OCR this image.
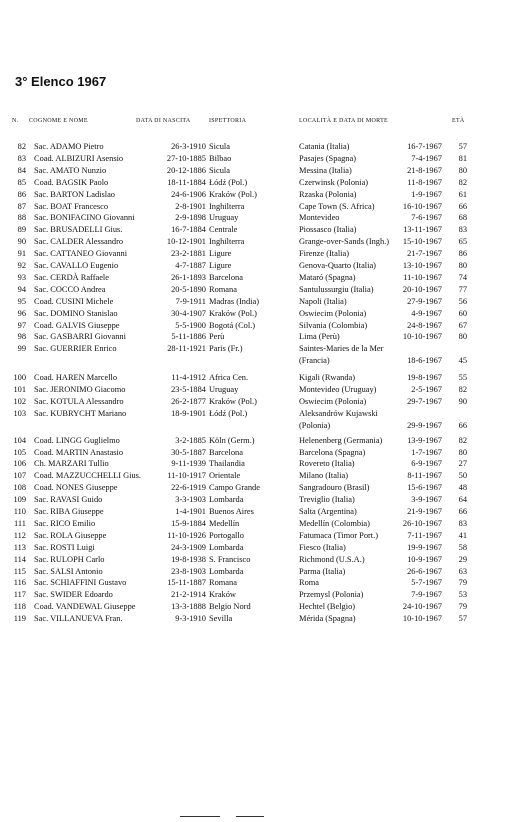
3° Elenco 1967
N. COGNOME E NOME	DATA DI NASCITA	ISPETTORIA	LOCALITÀ E DATA DI MORTE	ETÀ
82 Sac. ADAMO Pietro	26-3-1910 Sicula	Catania (Italia)	16-7-1967	57
83 Coad. ALBIZURI Asensio	27-10-1885 Bilbao	Pasajes (Spagna)	7-4-1967	81
84 Sac. AMATO Nunzio	20-12-1886 Sicula	Messina (Italia)	21-8-1967	80
85 Coad. BAGSIK Paolo	18-11-1884 Łódź (Pol.)	Czerwinsk (Polonia)	11-8-1967	82
86 Sac. BARTON Ladislao	24-6-1906 Kraków (Pol.)	Rzaska (Polonia)	1-9-1967	61
87 Sac. BOAT Francesco	2-8-1901 Inghilterra	Cape Town (S. Africa)	16-10-1967	66
88 Sac. BONIFACINO Giovanni	2-9-1898 Uruguay	Montevideo	7-6-1967	68
89 Sac. BRUSADELLI Gius.	16-7-1884 Centrale	Piossasco (Italia)	13-11-1967	83
90 Sac. CALDER Alessandro	10-12-1901 Inghilterra	Grange-over-Sands (Ingh.)	15-10-1967	65
91 Sac. CATTANEO Giovanni	23-2-1881 Ligure	Firenze (Italia)	21-7-1967	86
92 Sac. CAVALLO Eugenio	4-7-1887 Ligure	Genova-Quarto (Italia)	13-10-1967	80
93 Sac. CERDÀ Raffaele	26-1-1893 Barcelona	Mataró (Spagna)	11-10-1967	74
94 Sac. COCCO Andrea	20-5-1890 Romana	Santulussurgiu (Italia)	20-10-1967	77
95 Coad. CUSINI Michele	7-9-1911 Madras (India)	Napoli (Italia)	27-9-1967	56
96 Sac. DOMINO Stanislao	30-4-1907 Kraków (Pol.)	Oswiecim (Polonia)	4-9-1967	60
97 Coad. GALVIS Giuseppe	5-5-1900 Bogotá (Col.)	Silvania (Colombia)	24-8-1967	67
98 Sac. GASBARRI Giovanni	5-11-1886 Perù	Lima (Perù)	10-10-1967	80
99 Sac. GUERRIER Enrico	28-11-1921 Paris (Fr.)	Saintes-Maries de la Mer
(Francia)	18-6-1967	45
100 Coad. HAREN Marcello	11-4-1912 Africa Cen.	Kigali (Rwanda)	19-8-1967	55
101 Sac. JERONIMO Giacomo	23-5-1884 Uruguay	Montevideo (Uruguay)	2-5-1967	82
102 Sac. KOTULA Alessandro	26-2-1877 Kraków (Pol.)	Oswiecim (Polonia)	29-7-1967	90
103 Sac. KUBRYCHT Mariano	18-9-1901 Łódź (Pol.)	Aleksandrów Kujawski
(Polonia)	29-9-1967	66
104 Coad. LINGG Guglielmo	3-2-1885 Köln (Germ.)	Helenenberg (Germania)	13-9-1967	82
105 Coad. MARTIN Anastasio	30-5-1887 Barcelona	Barcelona (Spagna)	1-7-1967	80
106 Ch. MARZARI Tullio	9-11-1939 Thailandia	Rovereto (Italia)	6-9-1967	27
107 Coad. MAZZUCCHELLI Gius.	11-10-1917 Orientale	Milano (Italia)	8-11-1967	50
108 Coad. NONES Giuseppe	22-6-1919 Campo Grande	Sangradouro (Brasil)	15-6-1967	48
109 Sac. RAVASI Guido	3-3-1903 Lombarda	Treviglio (Italia)	3-9-1967	64
110 Sac. RIBA Giuseppe	1-4-1901 Buenos Aires	Salta (Argentina)	21-9-1967	66
111 Sac. RICO Emilio	15-9-1884 Medellín	Medellín (Colombia)	26-10-1967	83
112 Sac. ROLA Giuseppe	11-10-1926 Portogallo	Fatumaca (Timor Port.)	7-11-1967	41
113 Sac. ROSTI Luigi	24-3-1909 Lombarda	Fiesco (Italia)	19-9-1967	58
114 Sac. RULOPH Carlo	19-8-1938 S. Francisco	Richmond (U.S.A.)	10-9-1967	29
115 Sac. SALSI Antonio	23-8-1903 Lombarda	Parma (Italia)	26-6-1967	63
116 Sac. SCHIAFFINI Gustavo	15-11-1887 Romana	Roma	5-7-1967	79
117 Sac. SWIDER Edoardo	21-2-1914 Kraków	Przemysl (Polonia)	7-9-1967	53
118 Coad. VANDEWAL Giuseppe	13-3-1888 Belgio Nord	Hechtel (Belgio)	24-10-1967	79
119 Sac. VILLANUEVA Fran.	9-3-1910 Sevilla	Mérida (Spagna)	10-10-1967	57
